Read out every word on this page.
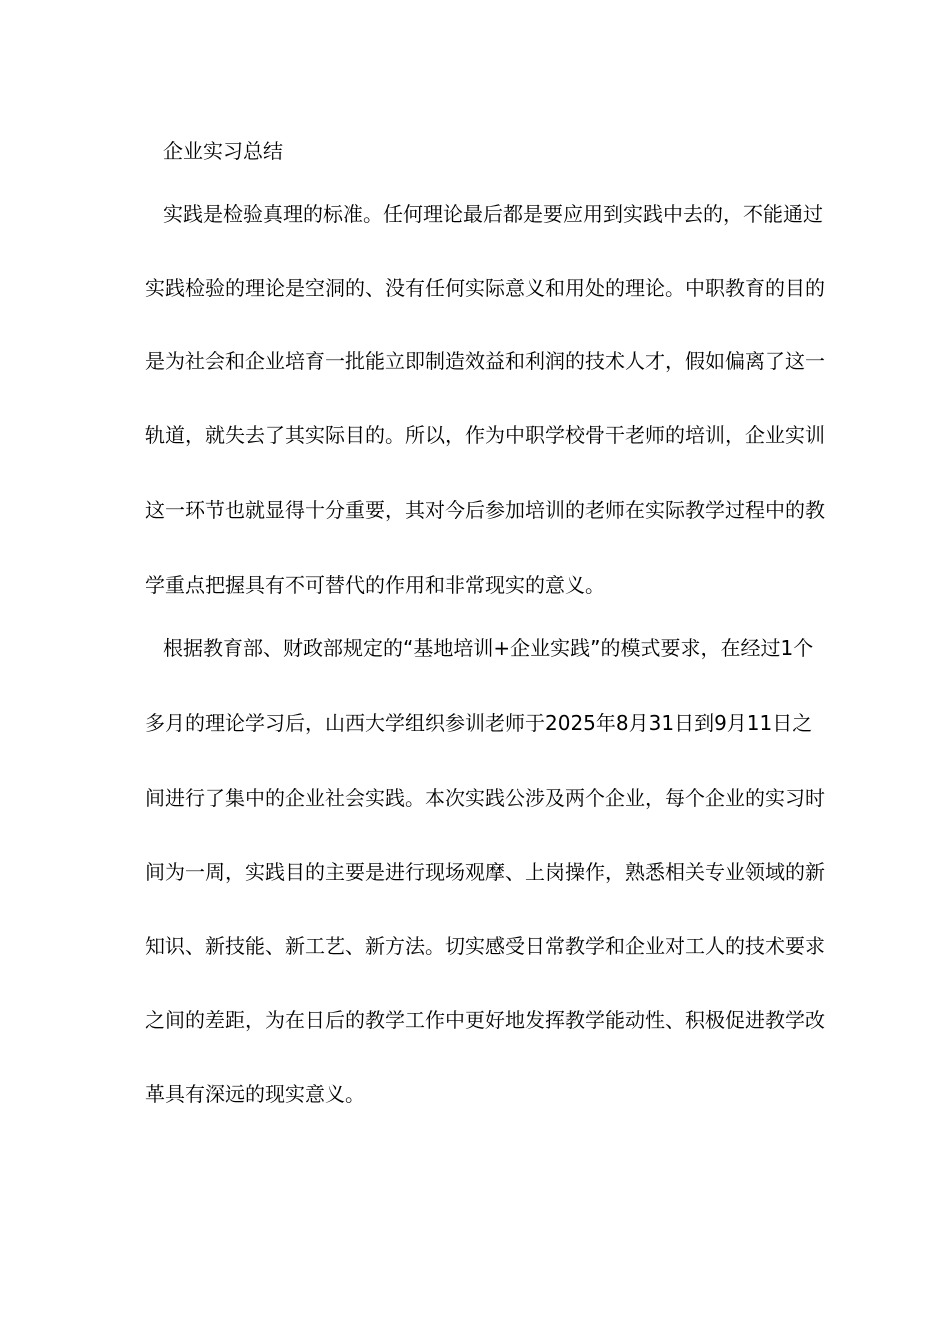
企业实习总结
实践是检验真理的标准。任何理论最后都是要应用到实践中去的，不能通过
实践检验的理论是空洞的、没有任何实际意义和用处的理论。中职教育的目的
是为社会和企业培育一批能立即制造效益和利润的技术人才，假如偏离了这一
轨道，就失去了其实际目的。所以，作为中职学校骨干老师的培训，企业实训
这一环节也就显得十分重要，其对今后参加培训的老师在实际教学过程中的教
学重点把握具有不可替代的作用和非常现实的意义。
根据教育部、财政部规定的“基地培训+企业实践”的模式要求，在经过1个
多月的理论学习后，山西大学组织参训老师于2025年8月31日到9月11日之
间进行了集中的企业社会实践。本次实践公涉及两个企业，每个企业的实习时
间为一周，实践目的主要是进行现场观摩、上岗操作，熟悉相关专业领域的新
知识、新技能、新工艺、新方法。切实感受日常教学和企业对工人的技术要求
之间的差距，为在日后的教学工作中更好地发挥教学能动性、积极促进教学改
革具有深远的现实意义。
